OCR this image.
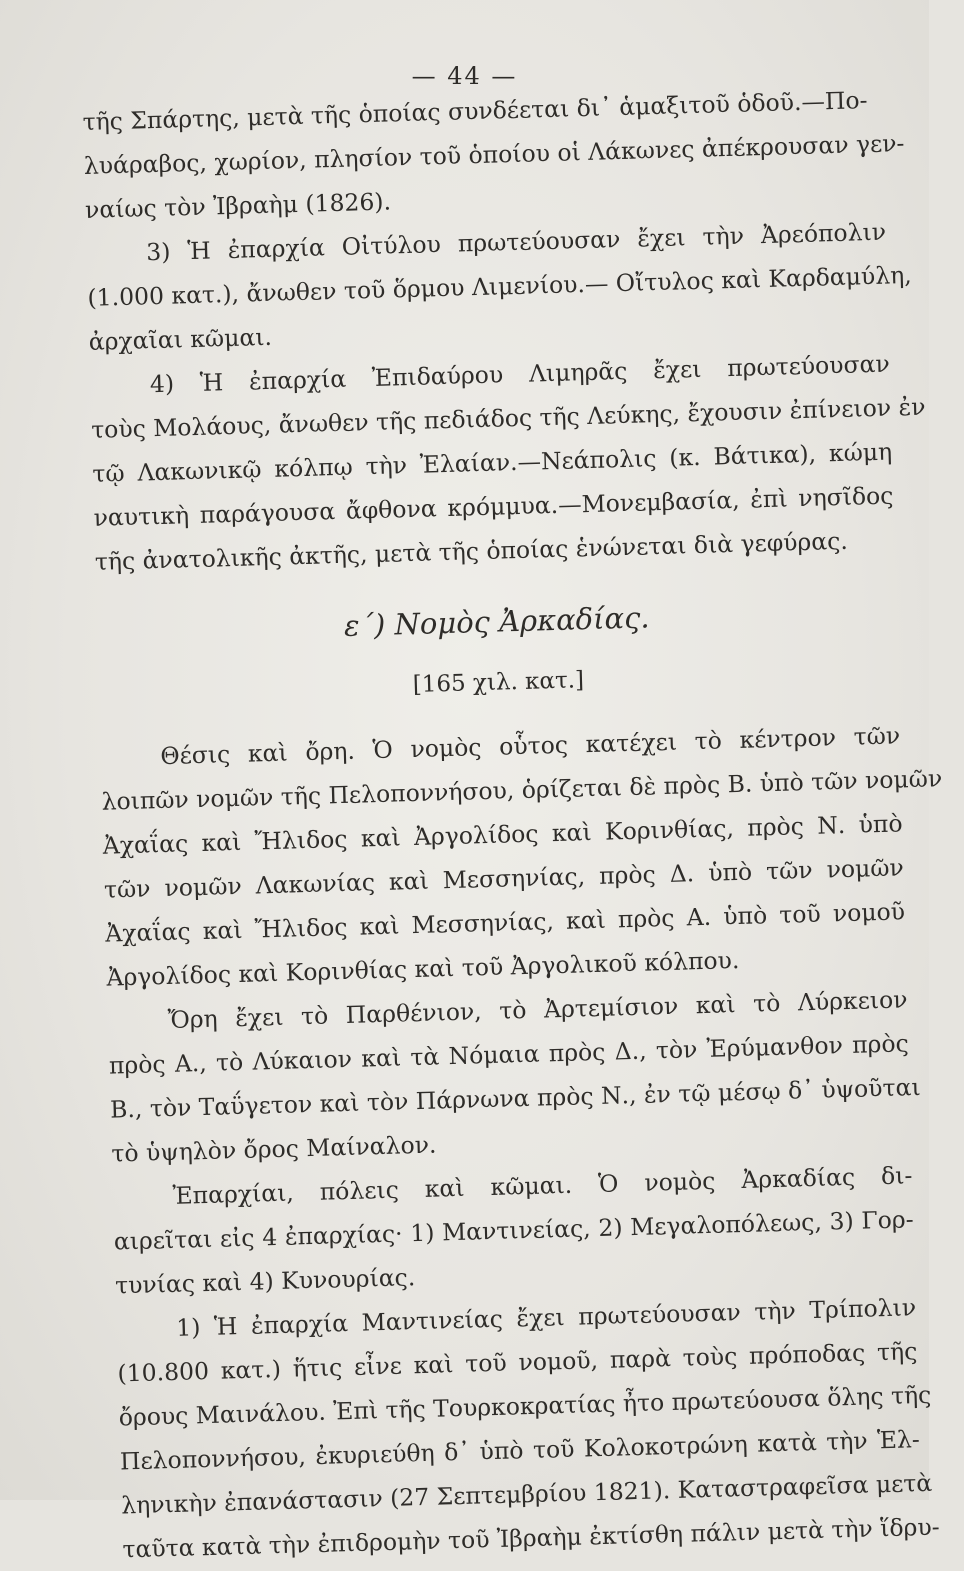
— 44 —
τῆς Σπάρτης, μετὰ τῆς ὁποίας συνδέεται δι᾽ ἁμαξιτοῦ ὁδοῦ.—Πο-
λυάραβος, χωρίον, πλησίον τοῦ ὁποίου οἱ Λάκωνες ἀπέκρουσαν γεν-
ναίως τὸν Ἰβραὴμ (1826).
3) Ἡ ἐπαρχία Οἰτύλου πρωτεύουσαν ἔχει τὴν Ἀρεόπολιν
(1.000 κατ.), ἄνωθεν τοῦ ὅρμου Λιμενίου.— Οἴτυλος καὶ Καρδαμύλη,
ἀρχαῖαι κῶμαι.
4) Ἡ ἐπαρχία Ἐπιδαύρου Λιμηρᾶς ἔχει πρωτεύουσαν
τοὺς Μολάους, ἄνωθεν τῆς πεδιάδος τῆς Λεύκης, ἔχουσιν ἐπίνειον ἐν
τῷ Λακωνικῷ κόλπῳ τὴν Ἐλαίαν.—Νεάπολις (κ. Βάτικα), κώμη
ναυτικὴ παράγουσα ἄφθονα κρόμμυα.—Μονεμβασία, ἐπὶ νησῖδος
τῆς ἀνατολικῆς ἀκτῆς, μετὰ τῆς ὁποίας ἑνώνεται διὰ γεφύρας.
ε΄) Νομὸς Ἀρκαδίας.
[165 χιλ. κατ.]
Θέσις καὶ ὄρη. Ὁ νομὸς οὗτος κατέχει τὸ κέντρον τῶν
λοιπῶν νομῶν τῆς Πελοποννήσου, ὁρίζεται δὲ πρὸς Β. ὑπὸ τῶν νομῶν
Ἀχαΐας καὶ Ἤλιδος καὶ Ἀργολίδος καὶ Κορινθίας, πρὸς Ν. ὑπὸ
τῶν νομῶν Λακωνίας καὶ Μεσσηνίας, πρὸς Δ. ὑπὸ τῶν νομῶν
Ἀχαΐας καὶ Ἤλιδος καὶ Μεσσηνίας, καὶ πρὸς Α. ὑπὸ τοῦ νομοῦ
Ἀργολίδος καὶ Κορινθίας καὶ τοῦ Ἀργολικοῦ κόλπου.
Ὄρη ἔχει τὸ Παρθένιον, τὸ Ἀρτεμίσιον καὶ τὸ Λύρκειον
πρὸς Α., τὸ Λύκαιον καὶ τὰ Νόμαια πρὸς Δ., τὸν Ἐρύμανθον πρὸς
Β., τὸν Ταΰγετον καὶ τὸν Πάρνωνα πρὸς Ν., ἐν τῷ μέσῳ δ᾽ ὑψοῦται
τὸ ὑψηλὸν ὄρος Μαίναλον.
Ἐπαρχίαι, πόλεις καὶ κῶμαι. Ὁ νομὸς Ἀρκαδίας δι-
αιρεῖται εἰς 4 ἐπαρχίας· 1) Μαντινείας, 2) Μεγαλοπόλεως, 3) Γορ-
τυνίας καὶ 4) Κυνουρίας.
1) Ἡ ἐπαρχία Μαντινείας ἔχει πρωτεύουσαν τὴν Τρίπολιν
(10.800 κατ.) ἥτις εἶνε καὶ τοῦ νομοῦ, παρὰ τοὺς πρόποδας τῆς
ὄρους Μαινάλου. Ἐπὶ τῆς Τουρκοκρατίας ἦτο πρωτεύουσα ὅλης τῆς
Πελοποννήσου, ἐκυριεύθη δ᾽ ὑπὸ τοῦ Κολοκοτρώνη κατὰ τὴν Ἑλ-
ληνικὴν ἐπανάστασιν (27 Σεπτεμβρίου 1821). Καταστραφεῖσα μετὰ
ταῦτα κατὰ τὴν ἐπιδρομὴν τοῦ Ἰβραὴμ ἐκτίσθη πάλιν μετὰ τὴν ἵδρυ-
